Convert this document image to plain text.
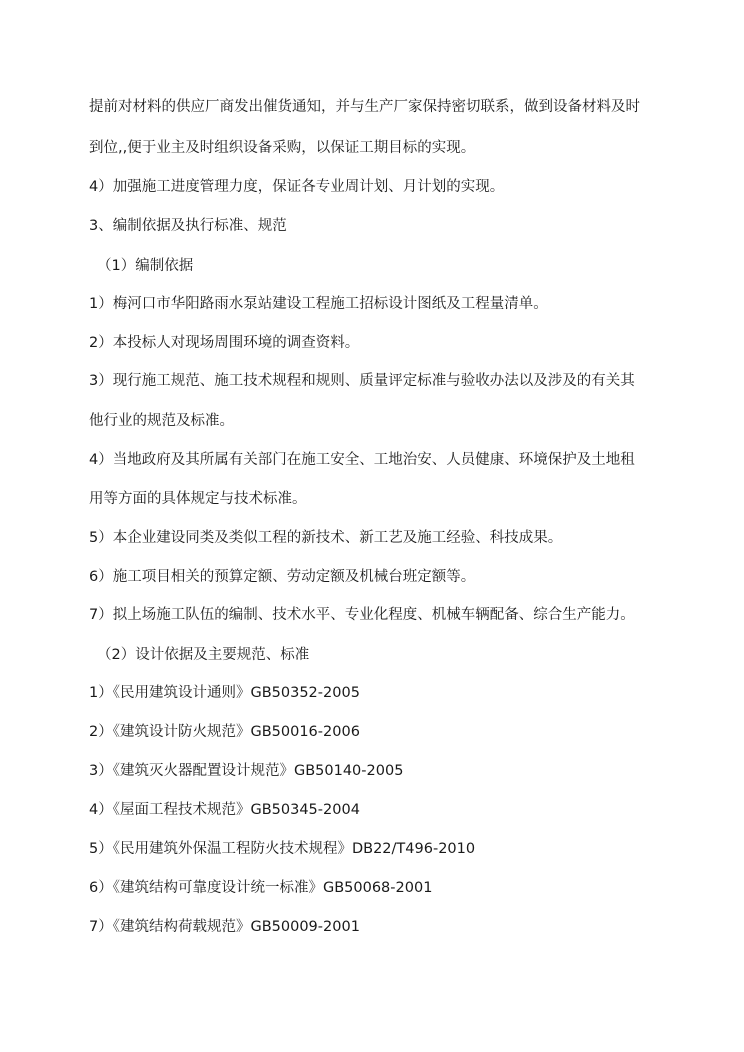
提前对材料的供应厂商发出催货通知，并与生产厂家保持密切联系，做到设备材料及时
到位,,便于业主及时组织设备采购，以保证工期目标的实现。
4）加强施工进度管理力度，保证各专业周计划、月计划的实现。
3、编制依据及执行标准、规范
（1）编制依据
1）梅河口市华阳路雨水泵站建设工程施工招标设计图纸及工程量清单。
2）本投标人对现场周围环境的调查资料。
3）现行施工规范、施工技术规程和规则、质量评定标准与验收办法以及涉及的有关其
他行业的规范及标准。
4）当地政府及其所属有关部门在施工安全、工地治安、人员健康、环境保护及土地租
用等方面的具体规定与技术标准。
5）本企业建设同类及类似工程的新技术、新工艺及施工经验、科技成果。
6）施工项目相关的预算定额、劳动定额及机械台班定额等。
7）拟上场施工队伍的编制、技术水平、专业化程度、机械车辆配备、综合生产能力。
（2）设计依据及主要规范、标准
1）《民用建筑设计通则》GB50352-2005
2）《建筑设计防火规范》GB50016-2006
3）《建筑灭火器配置设计规范》GB50140-2005
4）《屋面工程技术规范》GB50345-2004
5）《民用建筑外保温工程防火技术规程》DB22/T496-2010
6）《建筑结构可靠度设计统一标准》GB50068-2001
7）《建筑结构荷载规范》GB50009-2001
